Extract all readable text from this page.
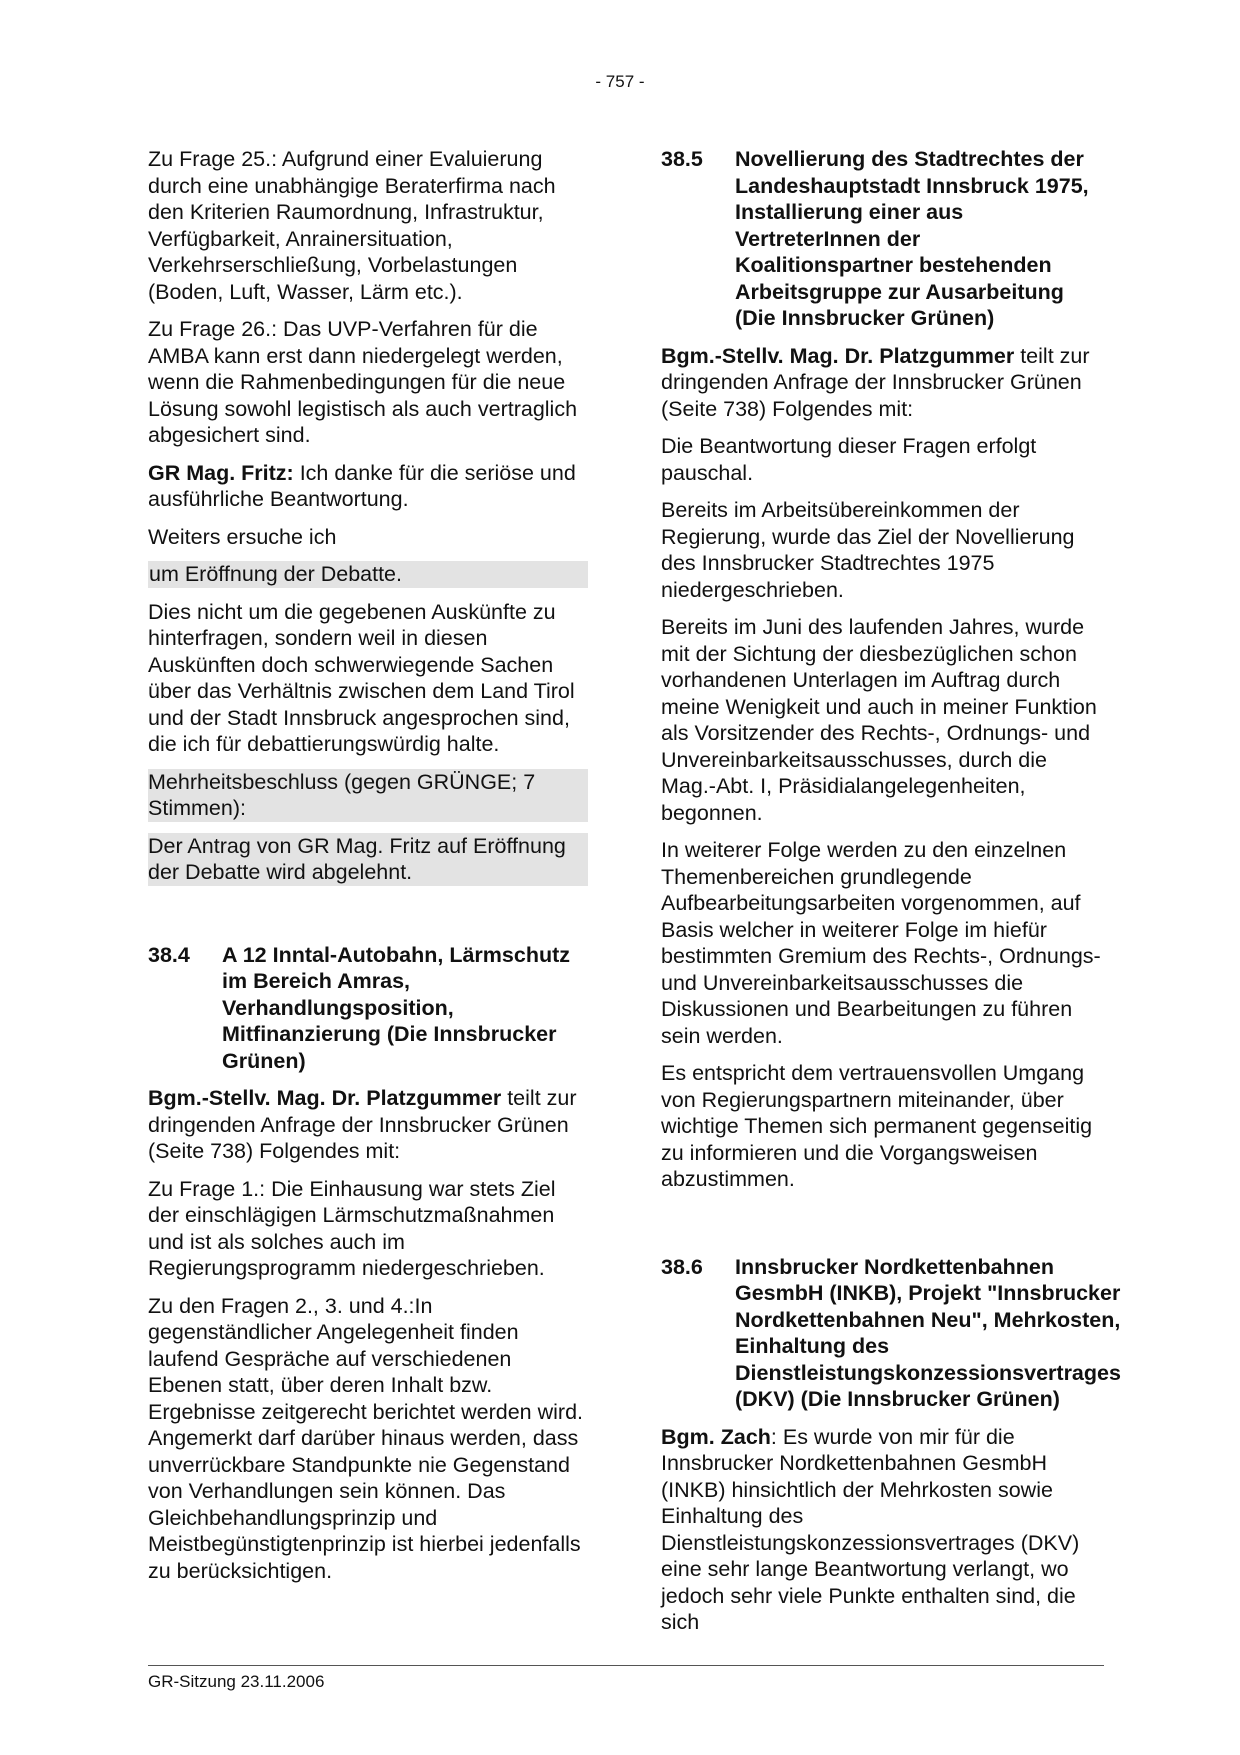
- 757 -

Zu Frage 25.: Aufgrund einer Evaluierung durch eine unabhängige Beraterfirma nach den Kriterien Raumordnung, Infrastruktur, Verfügbarkeit, Anrainersituation, Verkehrserschließung, Vorbelastungen (Boden, Luft, Wasser, Lärm etc.).

Zu Frage 26.: Das UVP-Verfahren für die AMBA kann erst dann niedergelegt werden, wenn die Rahmenbedingungen für die neue Lösung sowohl legistisch als auch vertraglich abgesichert sind.

GR Mag. Fritz: Ich danke für die seriöse und ausführliche Beantwortung.

Weiters ersuche ich

um Eröffnung der Debatte.

Dies nicht um die gegebenen Auskünfte zu hinterfragen, sondern weil in diesen Auskünften doch schwerwiegende Sachen über das Verhältnis zwischen dem Land Tirol und der Stadt Innsbruck angesprochen sind, die ich für debattierungswürdig halte.

Mehrheitsbeschluss (gegen GRÜNGE; 7 Stimmen):

Der Antrag von GR Mag. Fritz auf Eröffnung der Debatte wird abgelehnt.

38.4	A 12 Inntal-Autobahn, Lärmschutz im Bereich Amras, Verhandlungsposition, Mitfinanzierung (Die Innsbrucker Grünen)

Bgm.-Stellv. Mag. Dr. Platzgummer teilt zur dringenden Anfrage der Innsbrucker Grünen (Seite 738) Folgendes mit:

Zu Frage 1.: Die Einhausung war stets Ziel der einschlägigen Lärmschutzmaßnahmen und ist als solches auch im Regierungsprogramm niedergeschrieben.

Zu den Fragen 2., 3. und 4.:In gegenständlicher Angelegenheit finden laufend Gespräche auf verschiedenen Ebenen statt, über deren Inhalt bzw. Ergebnisse zeitgerecht berichtet werden wird. Angemerkt darf darüber hinaus werden, dass unverrückbare Standpunkte nie Gegenstand von Verhandlungen sein können. Das Gleichbehandlungsprinzip und Meistbegünstigtenprinzip ist hierbei jedenfalls zu berücksichtigen.

38.5	Novellierung des Stadtrechtes der Landeshauptstadt Innsbruck 1975, Installierung einer aus VertreterInnen der Koalitionspartner bestehenden Arbeitsgruppe zur Ausarbeitung (Die Innsbrucker Grünen)

Bgm.-Stellv. Mag. Dr. Platzgummer teilt zur dringenden Anfrage der Innsbrucker Grünen (Seite 738) Folgendes mit:

Die Beantwortung dieser Fragen erfolgt pauschal.

Bereits im Arbeitsübereinkommen der Regierung, wurde das Ziel der Novellierung des Innsbrucker Stadtrechtes 1975 niedergeschrieben.

Bereits im Juni des laufenden Jahres, wurde mit der Sichtung der diesbezüglichen schon vorhandenen Unterlagen im Auftrag durch meine Wenigkeit und auch in meiner Funktion als Vorsitzender des Rechts-, Ordnungs- und Unvereinbarkeitsausschusses, durch die Mag.-Abt. I, Präsidialangelegenheiten, begonnen.

In weiterer Folge werden zu den einzelnen Themenbereichen grundlegende Aufbearbeitungsarbeiten vorgenommen, auf Basis welcher in weiterer Folge im hiefür bestimmten Gremium des Rechts-, Ordnungs- und Unvereinbarkeitsausschusses die Diskussionen und Bearbeitungen zu führen sein werden.

Es entspricht dem vertrauensvollen Umgang von Regierungspartnern miteinander, über wichtige Themen sich permanent gegenseitig zu informieren und die Vorgangsweisen abzustimmen.

38.6	Innsbrucker Nordkettenbahnen GesmbH (INKB), Projekt "Innsbrucker Nordkettenbahnen Neu", Mehrkosten, Einhaltung des Dienstleistungskonzessionsvertrages (DKV) (Die Innsbrucker Grünen)

Bgm. Zach: Es wurde von mir für die Innsbrucker Nordkettenbahnen GesmbH (INKB) hinsichtlich der Mehrkosten sowie Einhaltung des Dienstleistungskonzessionsvertrages (DKV) eine sehr lange Beantwortung verlangt, wo jedoch sehr viele Punkte enthalten sind, die sich

GR-Sitzung 23.11.2006
